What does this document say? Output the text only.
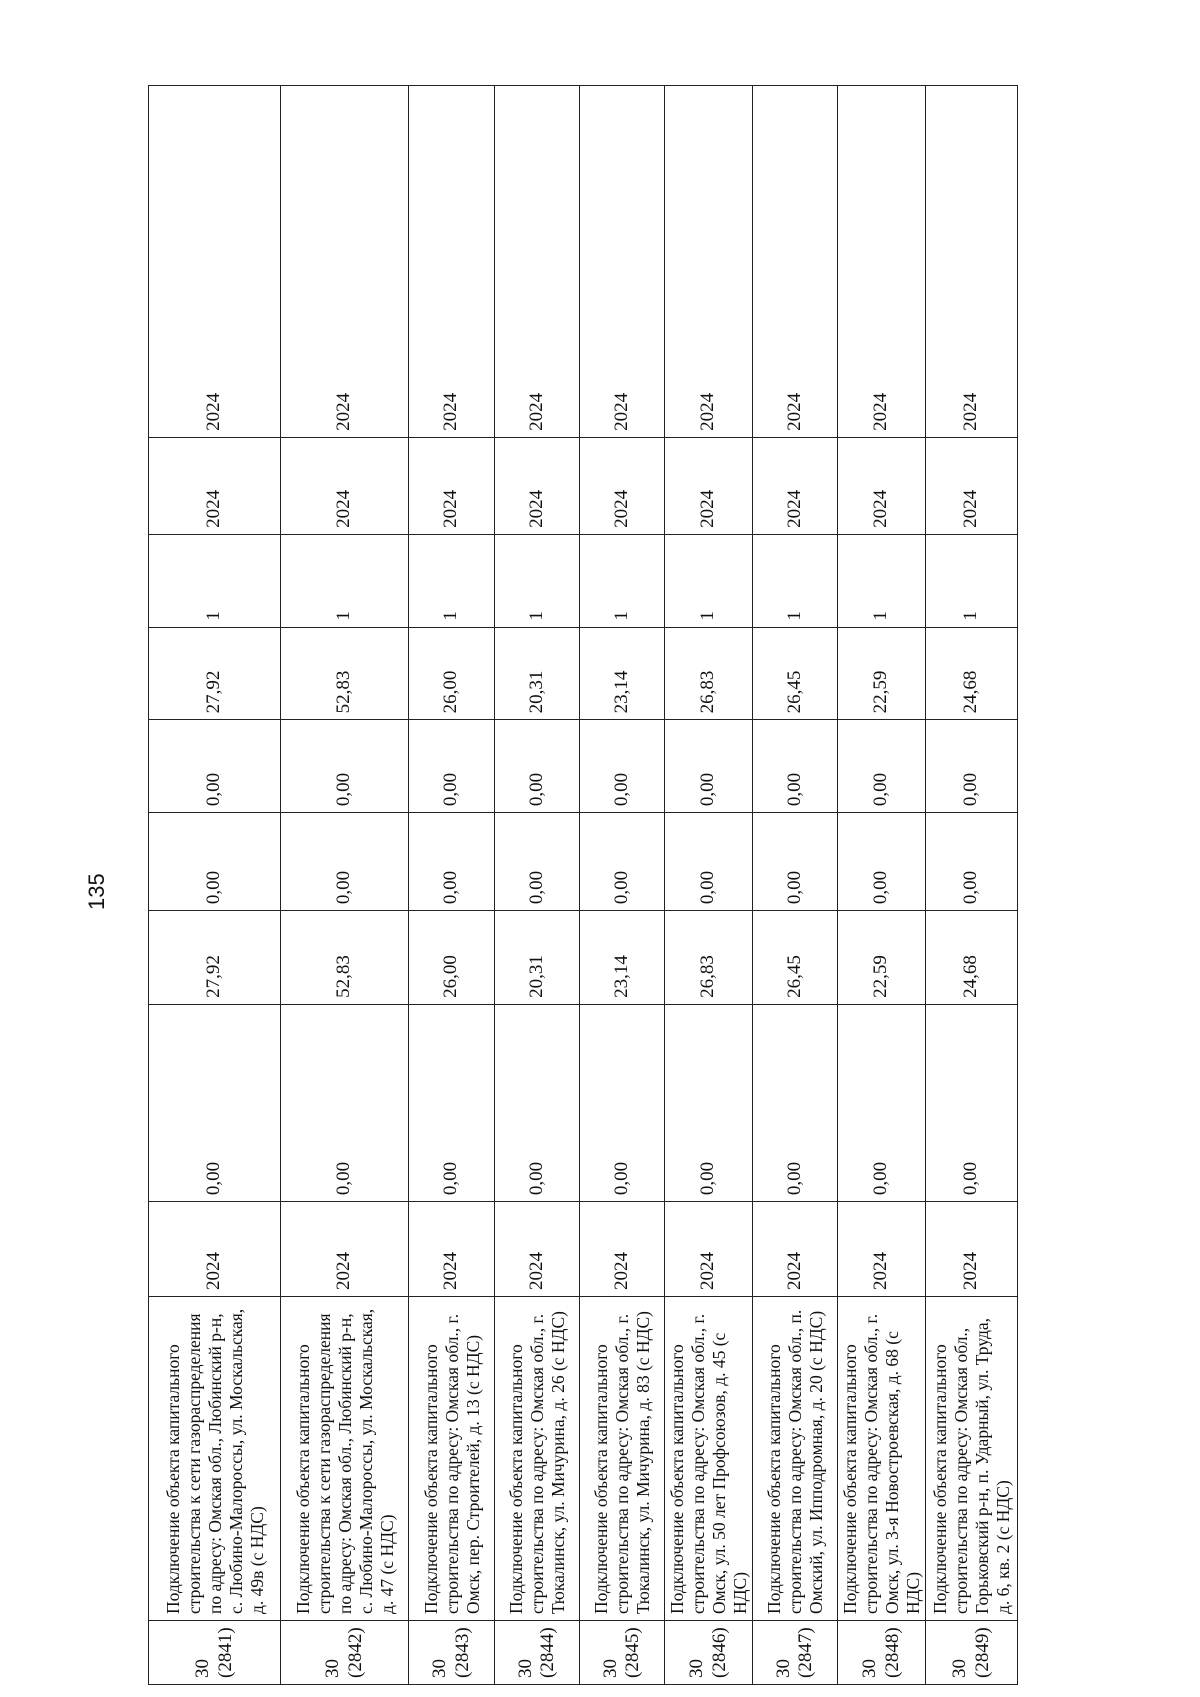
135
30 (2841)	Подключение объекта капитального строительства к сети газораспределения по адресу: Омская обл., Любинский р-н, с. Любино-Малороссы, ул. Москальская, д. 49в (с НДС)	2024	0,00	27,92	0,00	0,00	27,92	1	2024	2024

30 (2842)	Подключение объекта капитального строительства к сети газораспределения по адресу: Омская обл., Любинский р-н, с. Любино-Малороссы, ул. Москальская, д. 47 (с НДС)	2024	0,00	52,83	0,00	0,00	52,83	1	2024	2024

30 (2843)	Подключение объекта капитального строительства по адресу: Омская обл., г. Омск, пер. Строителей, д. 13 (с НДС)	2024	0,00	26,00	0,00	0,00	26,00	1	2024	2024

30 (2844)	Подключение объекта капитального строительства по адресу: Омская обл., г. Тюкалинск, ул. Мичурина, д. 26 (с НДС)	2024	0,00	20,31	0,00	0,00	20,31	1	2024	2024

30 (2845)	Подключение объекта капитального строительства по адресу: Омская обл., г. Тюкалинск, ул. Мичурина, д. 83 (с НДС)	2024	0,00	23,14	0,00	0,00	23,14	1	2024	2024

30 (2846)	Подключение объекта капитального строительства по адресу: Омская обл., г. Омск, ул. 50 лет Профсоюзов, д. 45 (с НДС)	2024	0,00	26,83	0,00	0,00	26,83	1	2024	2024

30 (2847)	Подключение объекта капитального строительства по адресу: Омская обл., п. Омский, ул. Ипподромная, д. 20 (с НДС)	2024	0,00	26,45	0,00	0,00	26,45	1	2024	2024

30 (2848)	Подключение объекта капитального строительства по адресу: Омская обл., г. Омск, ул. 3-я Новостроевская, д. 68 (с НДС)	2024	0,00	22,59	0,00	0,00	22,59	1	2024	2024

30 (2849)	Подключение объекта капитального строительства по адресу: Омская обл., Горьковский р-н, п. Ударный, ул. Труда, д. 6, кв. 2 (с НДС)	2024	0,00	24,68	0,00	0,00	24,68	1	2024	2024
